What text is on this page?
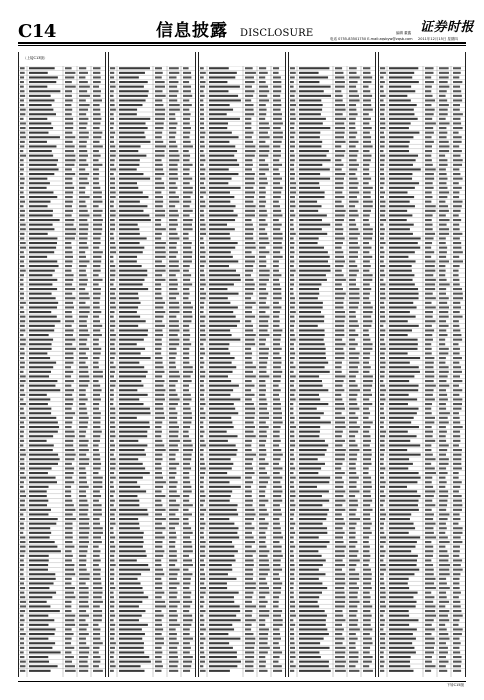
C14	信息披露 DISCLOSURE	证券时报
编辑 董鑫
电话 0755-83501750 E-mail:zqsbyw@zqsb.com 2011年12月15日 星期四
（上接C13版）
下转C15版
